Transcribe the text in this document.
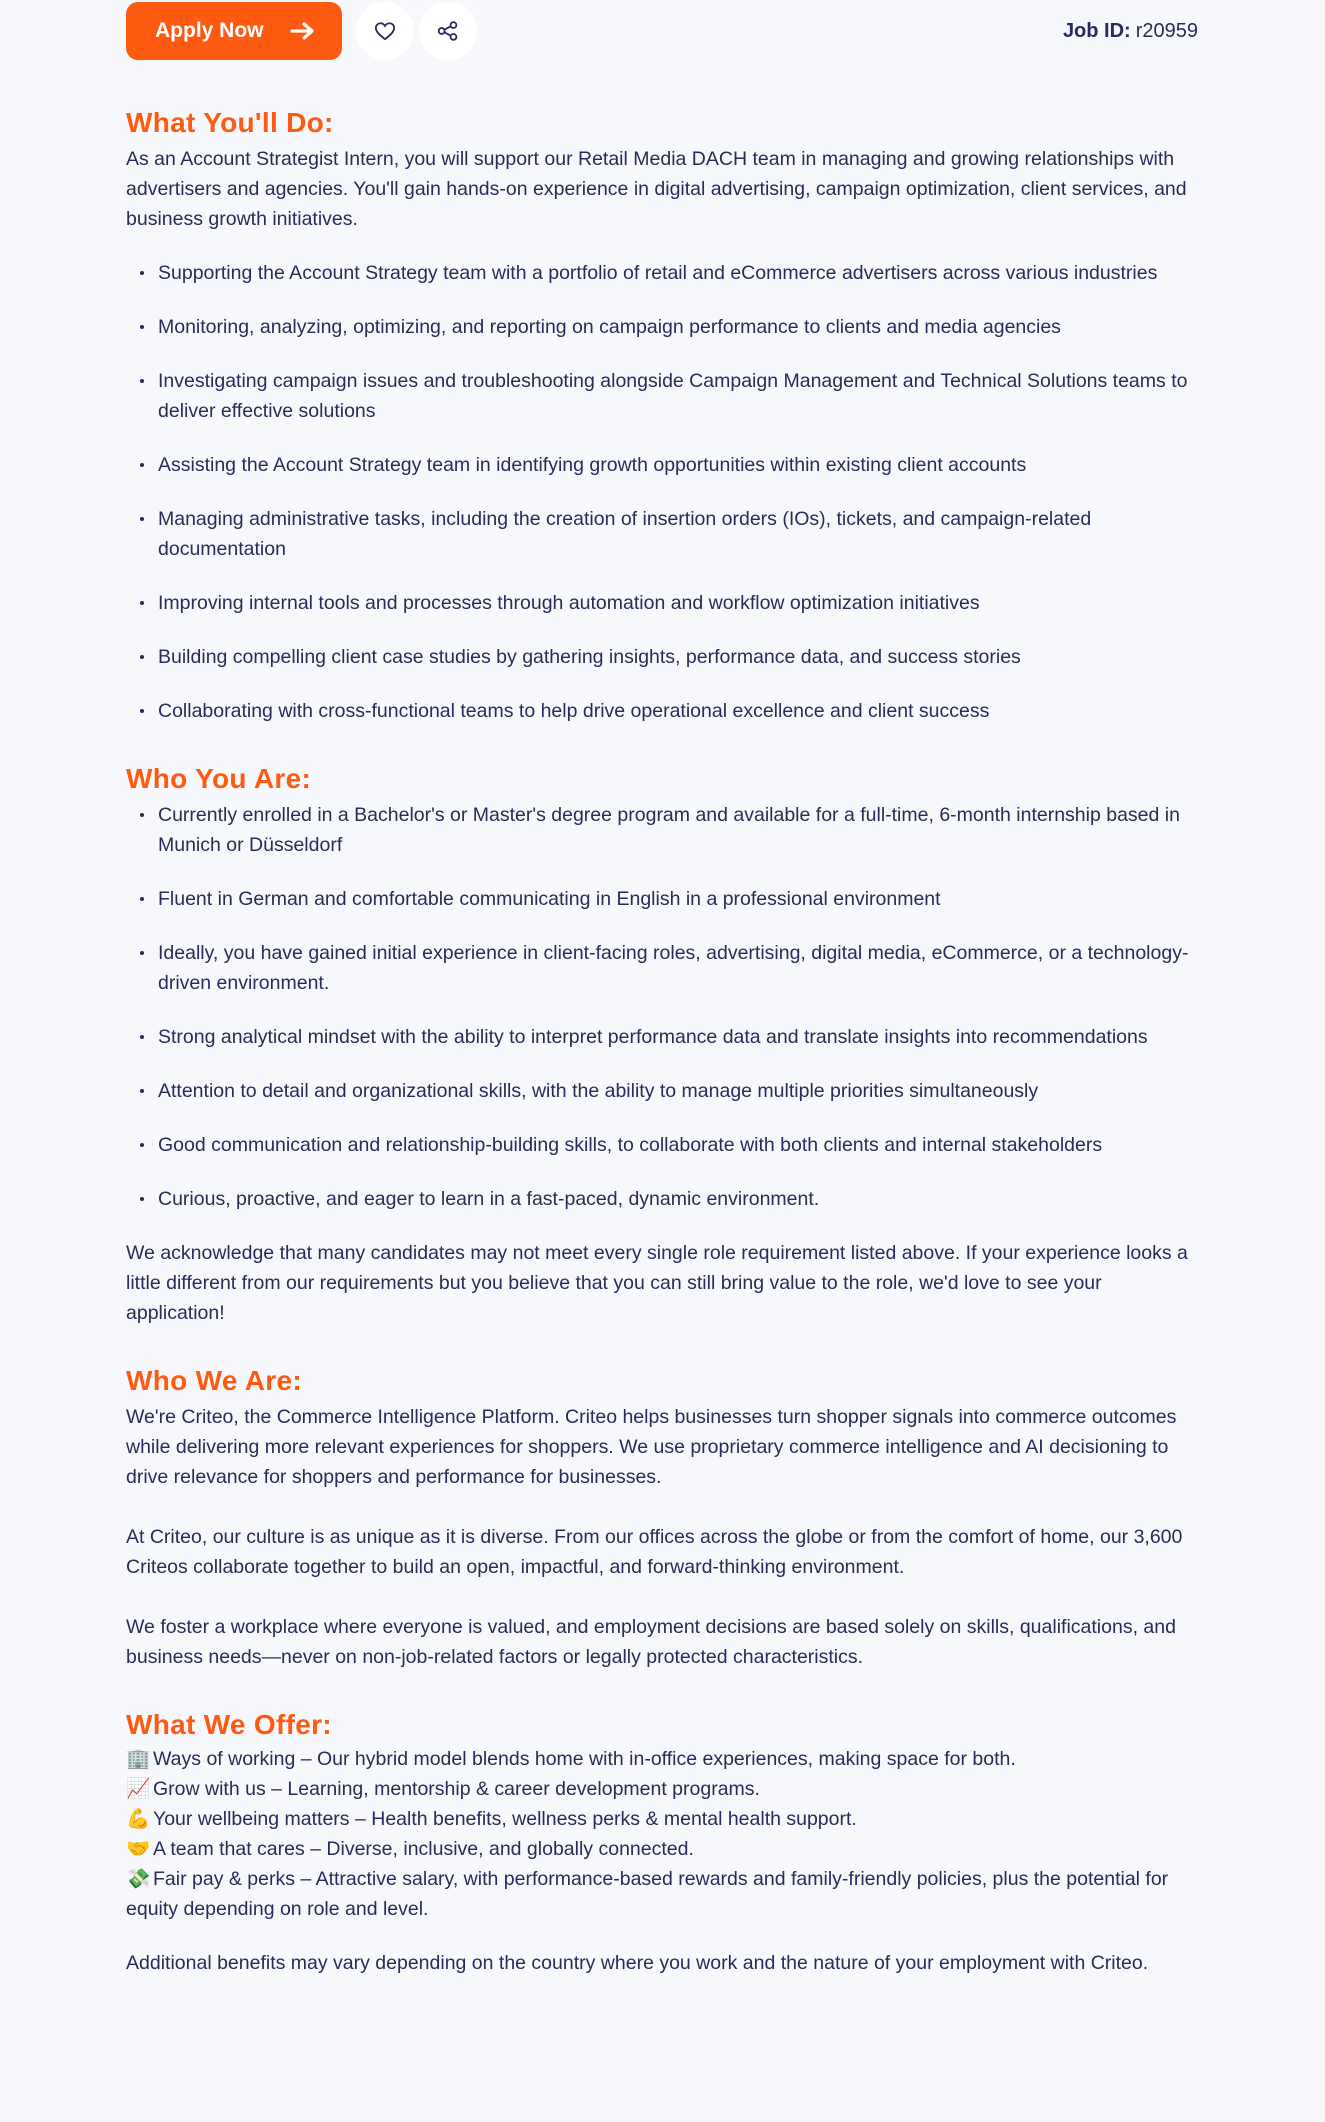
Apply Now	Job ID: r20959
What You'll Do:

As an Account Strategist Intern, you will support our Retail Media DACH team in managing and growing relationships with advertisers and agencies. You'll gain hands-on experience in digital advertising, campaign optimization, client services, and business growth initiatives.

Supporting the Account Strategy team with a portfolio of retail and eCommerce advertisers across various industries
Monitoring, analyzing, optimizing, and reporting on campaign performance to clients and media agencies
Investigating campaign issues and troubleshooting alongside Campaign Management and Technical Solutions teams to deliver effective solutions
Assisting the Account Strategy team in identifying growth opportunities within existing client accounts
Managing administrative tasks, including the creation of insertion orders (IOs), tickets, and campaign-related documentation
Improving internal tools and processes through automation and workflow optimization initiatives
Building compelling client case studies by gathering insights, performance data, and success stories
Collaborating with cross-functional teams to help drive operational excellence and client success
Who You Are:
Currently enrolled in a Bachelor's or Master's degree program and available for a full-time, 6-month internship based in Munich or Düsseldorf
Fluent in German and comfortable communicating in English in a professional environment
Ideally, you have gained initial experience in client-facing roles, advertising, digital media, eCommerce, or a technology-driven environment.
Strong analytical mindset with the ability to interpret performance data and translate insights into recommendations
Attention to detail and organizational skills, with the ability to manage multiple priorities simultaneously
Good communication and relationship-building skills, to collaborate with both clients and internal stakeholders
Curious, proactive, and eager to learn in a fast-paced, dynamic environment.

We acknowledge that many candidates may not meet every single role requirement listed above. If your experience looks a little different from our requirements but you believe that you can still bring value to the role, we'd love to see your application!

Who We Are:

We're Criteo, the Commerce Intelligence Platform. Criteo helps businesses turn shopper signals into commerce outcomes while delivering more relevant experiences for shoppers. We use proprietary commerce intelligence and AI decisioning to drive relevance for shoppers and performance for businesses.

At Criteo, our culture is as unique as it is diverse. From our offices across the globe or from the comfort of home, our 3,600 Criteos collaborate together to build an open, impactful, and forward-thinking environment.

We foster a workplace where everyone is valued, and employment decisions are based solely on skills, qualifications, and business needs—never on non-job-related factors or legally protected characteristics.

What We Offer:
🏢 Ways of working – Our hybrid model blends home with in-office experiences, making space for both.
📈 Grow with us – Learning, mentorship & career development programs.
💪 Your wellbeing matters – Health benefits, wellness perks & mental health support.
🤝 A team that cares – Diverse, inclusive, and globally connected.
💸 Fair pay & perks – Attractive salary, with performance-based rewards and family-friendly policies, plus the potential for equity depending on role and level.

Additional benefits may vary depending on the country where you work and the nature of your employment with Criteo.
